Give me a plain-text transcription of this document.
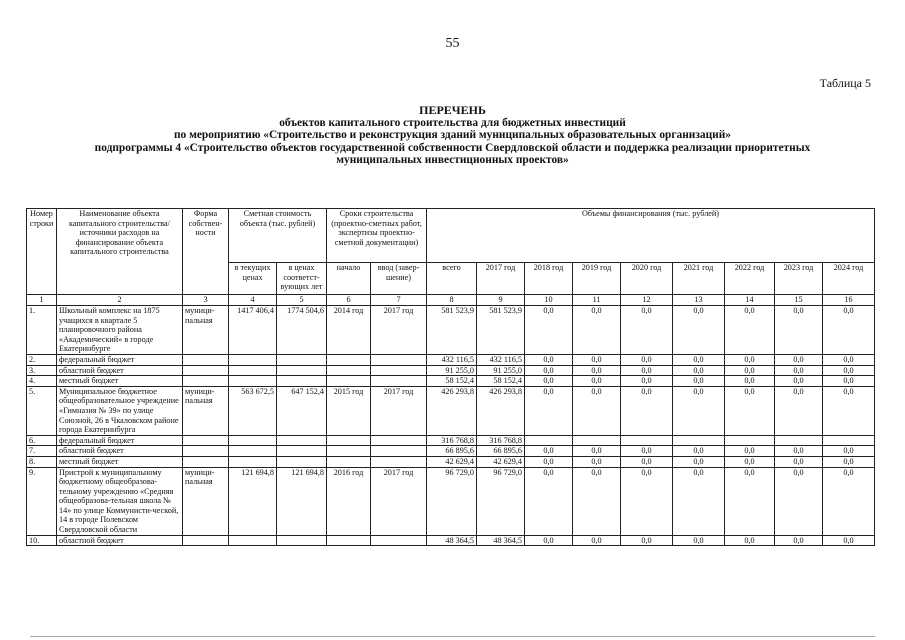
55
Таблица 5
ПЕРЕЧЕНЬ
объектов капитального строительства для бюджетных инвестиций
по мероприятию «Строительство и реконструкция зданий муниципальных образовательных организаций»
подпрограммы 4 «Строительство объектов государственной собственности Свердловской области и поддержка реализации приоритетных
муниципальных инвестиционных проектов»
Номер строки	Наименование объекта капитального строительства/ источники расходов на финансирование объекта капитального строительства	Форма собствен-ности	Сметная стоимость объекта (тыс. рублей)		Сроки строительства (проектно-сметных работ, экспертизы проектно-сметной документации)		Объемы финансирования (тыс. рублей)								
			в текущих ценах	в ценах соответст-вующих лет	начало	ввод (завер-шение)	всего	2017 год	2018 год	2019 год	2020 год	2021 год	2022 год	2023 год	2024 год
1	2	3	4	5	6	7	8	9	10	11	12	13	14	15	16
1.	Школьный комплекс на 1875 учащихся в квартале 5 планировочного района «Академический» в городе Екатеринбурге	муници-пальная	1417 406,4	1774 504,6	2014 год	2017 год	581 523,9	581 523,9	0,0	0,0	0,0	0,0	0,0	0,0	0,0
2.	федеральный бюджет						432 116,5	432 116,5	0,0	0,0	0,0	0,0	0,0	0,0	0,0
3.	областной бюджет						91 255,0	91 255,0	0,0	0,0	0,0	0,0	0,0	0,0	0,0
4.	местный бюджет						58 152,4	58 152,4	0,0	0,0	0,0	0,0	0,0	0,0	0,0
5.	Муниципальное бюджетное общеобразовательное учреждение «Гимназия № 39» по улице Союзной, 26 в Чкаловском районе города Екатеринбурга	муници-пальная	563 672,5	647 152,4	2015 год	2017 год	426 293,8	426 293,8	0,0	0,0	0,0	0,0	0,0	0,0	0,0
6.	федеральный бюджет						316 768,8	316 768,8							
7.	областной бюджет						66 895,6	66 895,6	0,0	0,0	0,0	0,0	0,0	0,0	0,0
8.	местный бюджет						42 629,4	42 629,4	0,0	0,0	0,0	0,0	0,0	0,0	0,0
9.	Пристрой к муниципальному бюджетному общеобразова-тельному учреждению «Средняя общеобразова-тельная школа № 14» по улице Коммунисти-ческой, 14 в городе Полевском Свердловской области	муници-пальная	121 694,8	121 694,8	2016 год	2017 год	96 729,0	96 729,0	0,0	0,0	0,0	0,0	0,0	0,0	0,0
10.	областной бюджет						48 364,5	48 364,5	0,0	0,0	0,0	0,0	0,0	0,0	0,0
